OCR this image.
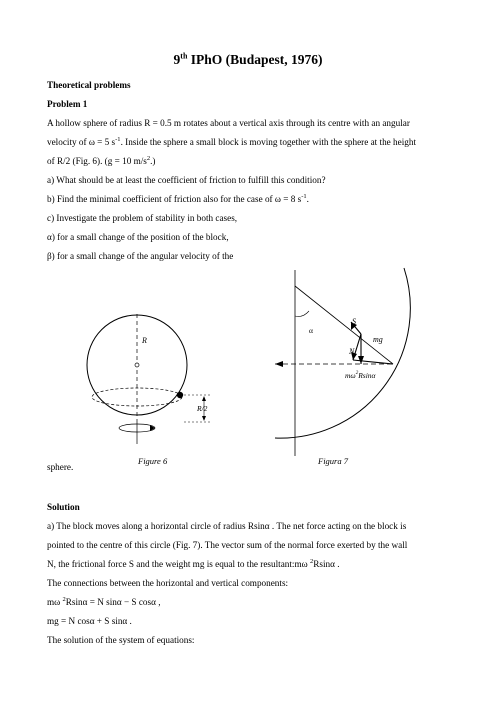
9th IPhO (Budapest, 1976)
Theoretical problems
Problem 1
A hollow sphere of radius R = 0.5 m rotates about a vertical axis through its centre with an angular
velocity of ω = 5 $s^{-1}$. Inside the sphere a small block is moving together with the sphere at the height
of R/2 (Fig. 6). (g = 10 $m/s^2$.)
a) What should be at least the coefficient of friction to fulfill this condition?
b) Find the minimal coefficient of friction also for the case of ω = 8 $s^{-1}$.
c) Investigate the problem of stability in both cases,
α) for a small change of the position of the block,
β) for a small change of the angular velocity of the
R
R/2
Figure 6
α
S
mg
N
$m\omega^2Rsin\alpha$
Figura 7
sphere.
Solution
a) The block moves along a horizontal circle of radius Rsinα . The net force acting on the block is
pointed to the centre of this circle (Fig. 7). The vector sum of the normal force exerted by the wall
N, the frictional force S and the weight mg is equal to the resultant:mω $^2$Rsinα .
The connections between the horizontal and vertical components:
mω $^2$Rsinα = N sinα − S cosα ,
mg = N cosα + S sinα .
The solution of the system of equations:
